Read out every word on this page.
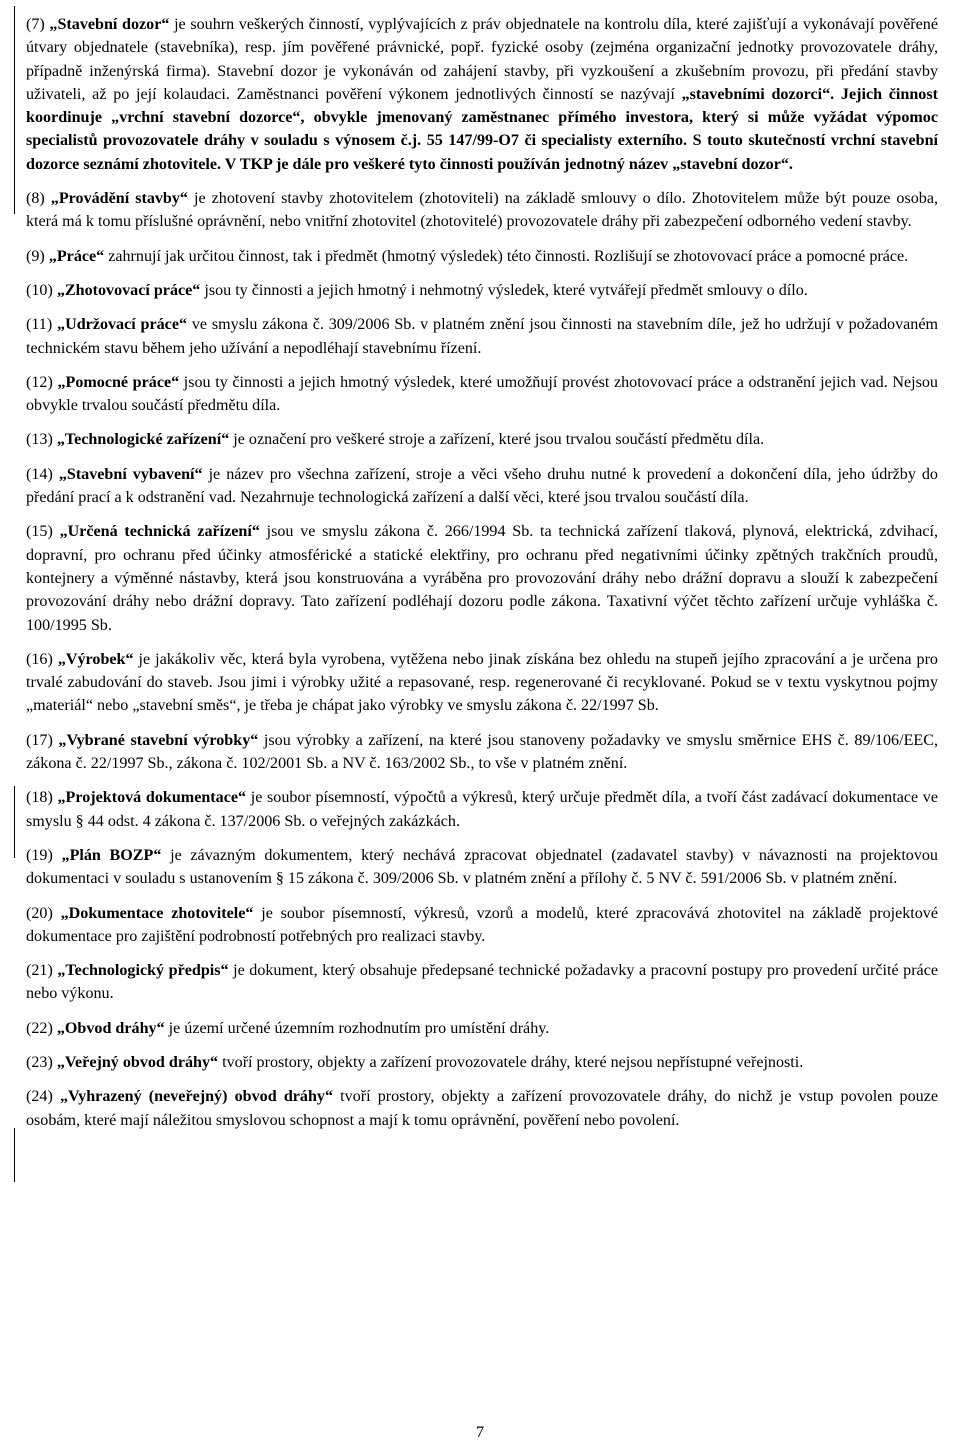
(7) „Stavební dozor“ je souhrn veškerých činností, vyplývajících z práv objednatele na kontrolu díla, které zajišťují a vykonávají pověřené útvary objednatele (stavebníka), resp. jím pověřené právnické, popř. fyzické osoby (zejména organizační jednotky provozovatele dráhy, případně inženýrská firma). Stavební dozor je vykonáván od zahájení stavby, při vyzkoušení a zkušebním provozu, při předání stavby uživateli, až po její kolaudaci. Zaměstnanci pověření výkonem jednotlivých činností se nazývají „stavebními dozorci“. Jejich činnost koordinuje „vrchní stavební dozorce“, obvykle jmenovaný zaměstnanec přímého investora, který si může vyžádat výpomoc specialistů provozovatele dráhy v souladu s výnosem č.j. 55 147/99-O7 či specialisty externího. S touto skutečností vrchní stavební dozorce seznámí zhotovitele. V TKP je dále pro veškeré tyto činnosti používán jednotný název „stavební dozor“.

(8) „Provádění stavby“ je zhotovení stavby zhotovitelem (zhotoviteli) na základě smlouvy o dílo. Zhotovitelem může být pouze osoba, která má k tomu příslušné oprávnění, nebo vnitřní zhotovitel (zhotovitelé) provozovatele dráhy při zabezpečení odborného vedení stavby.

(9) „Práce“ zahrnují jak určitou činnost, tak i předmět (hmotný výsledek) této činnosti. Rozlišují se zhotovovací práce a pomocné práce.

(10) „Zhotovovací práce“ jsou ty činnosti a jejich hmotný i nehmotný výsledek, které vytvářejí předmět smlouvy o dílo.

(11) „Udržovací práce“ ve smyslu zákona č. 309/2006 Sb. v platném znění jsou činnosti na stavebním díle, jež ho udržují v požadovaném technickém stavu během jeho užívání a nepodléhají stavebnímu řízení.

(12) „Pomocné práce“ jsou ty činnosti a jejich hmotný výsledek, které umožňují provést zhotovovací práce a odstranění jejich vad. Nejsou obvykle trvalou součástí předmětu díla.

(13) „Technologické zařízení“ je označení pro veškeré stroje a zařízení, které jsou trvalou součástí předmětu díla.

(14) „Stavební vybavení“ je název pro všechna zařízení, stroje a věci všeho druhu nutné k provedení a dokončení díla, jeho údržby do předání prací a k odstranění vad. Nezahrnuje technologická zařízení a další věci, které jsou trvalou součástí díla.

(15) „Určená technická zařízení“ jsou ve smyslu zákona č. 266/1994 Sb. ta technická zařízení tlaková, plynová, elektrická, zdvihací, dopravní, pro ochranu před účinky atmosférické a statické elektřiny, pro ochranu před negativními účinky zpětných trakčních proudů, kontejnery a výměnné nástavby, která jsou konstruována a vyráběna pro provozování dráhy nebo drážní dopravu a slouží k zabezpečení provozování dráhy nebo drážní dopravy. Tato zařízení podléhají dozoru podle zákona. Taxativní výčet těchto zařízení určuje vyhláška č. 100/1995 Sb.

(16) „Výrobek“ je jakákoliv věc, která byla vyrobena, vytěžena nebo jinak získána bez ohledu na stupeň jejího zpracování a je určena pro trvalé zabudování do staveb. Jsou jimi i výrobky užité a repasované, resp. regenerované či recyklované. Pokud se v textu vyskytnou pojmy „materiál“ nebo „stavební směs“, je třeba je chápat jako výrobky ve smyslu zákona č. 22/1997 Sb.

(17) „Vybrané stavební výrobky“ jsou výrobky a zařízení, na které jsou stanoveny požadavky ve smyslu směrnice EHS č. 89/106/EEC, zákona č. 22/1997 Sb., zákona č. 102/2001 Sb. a NV č. 163/2002 Sb., to vše v platném znění.

(18) „Projektová dokumentace“ je soubor písemností, výpočtů a výkresů, který určuje předmět díla, a tvoří část zadávací dokumentace ve smyslu § 44 odst. 4 zákona č. 137/2006 Sb. o veřejných zakázkách.

(19) „Plán BOZP“ je závazným dokumentem, který nechává zpracovat objednatel (zadavatel stavby) v návaznosti na projektovou dokumentaci v souladu s ustanovením § 15 zákona č. 309/2006 Sb. v platném znění a přílohy č. 5 NV č. 591/2006 Sb. v platném znění.

(20) „Dokumentace zhotovitele“ je soubor písemností, výkresů, vzorů a modelů, které zpracovává zhotovitel na základě projektové dokumentace pro zajištění podrobností potřebných pro realizaci stavby.

(21) „Technologický předpis“ je dokument, který obsahuje předepsané technické požadavky a pracovní postupy pro provedení určité práce nebo výkonu.

(22) „Obvod dráhy“ je území určené územním rozhodnutím pro umístění dráhy.

(23) „Veřejný obvod dráhy“ tvoří prostory, objekty a zařízení provozovatele dráhy, které nejsou nepřístupné veřejnosti.

(24) „Vyhrazený (neveřejný) obvod dráhy“ tvoří prostory, objekty a zařízení provozovatele dráhy, do nichž je vstup povolen pouze osobám, které mají náležitou smyslovou schopnost a mají k tomu oprávnění, pověření nebo povolení.

7
